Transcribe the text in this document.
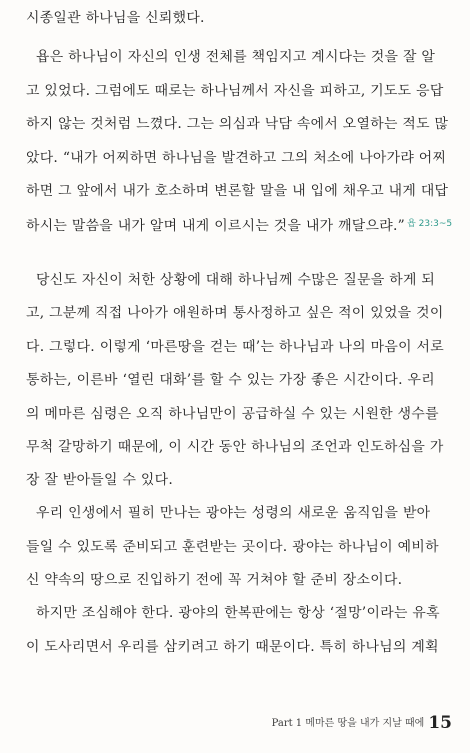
시종일관 하나님을 신뢰했다.
욥은 하나님이 자신의 인생 전체를 책임지고 계시다는 것을 잘 알
고 있었다. 그럼에도 때로는 하나님께서 자신을 피하고, 기도도 응답
하지 않는 것처럼 느꼈다. 그는 의심과 낙담 속에서 오열하는 적도 많
았다. “내가 어찌하면 하나님을 발견하고 그의 처소에 나아가랴 어찌
하면 그 앞에서 내가 호소하며 변론할 말을 내 입에 채우고 내게 대답
하시는 말씀을 내가 알며 내게 이르시는 것을 내가 깨달으랴.” $^{욥 23:3\sim 5}$
당신도 자신이 처한 상황에 대해 하나님께 수많은 질문을 하게 되
고, 그분께 직접 나아가 애원하며 통사정하고 싶은 적이 있었을 것이
다. 그렇다. 이렇게 ‘마른땅을 걷는 때’는 하나님과 나의 마음이 서로
통하는, 이른바 ‘열린 대화’를 할 수 있는 가장 좋은 시간이다. 우리
의 메마른 심령은 오직 하나님만이 공급하실 수 있는 시원한 생수를
무척 갈망하기 때문에, 이 시간 동안 하나님의 조언과 인도하심을 가
장 잘 받아들일 수 있다.
우리 인생에서 필히 만나는 광야는 성령의 새로운 움직임을 받아
들일 수 있도록 준비되고 훈련받는 곳이다. 광야는 하나님이 예비하
신 약속의 땅으로 진입하기 전에 꼭 거쳐야 할 준비 장소이다.
하지만 조심해야 한다. 광야의 한복판에는 항상 ‘절망’이라는 유혹
이 도사리면서 우리를 삼키려고 하기 때문이다. 특히 하나님의 계획
Part 1 메마른 땅을 내가 지날 때에 15
